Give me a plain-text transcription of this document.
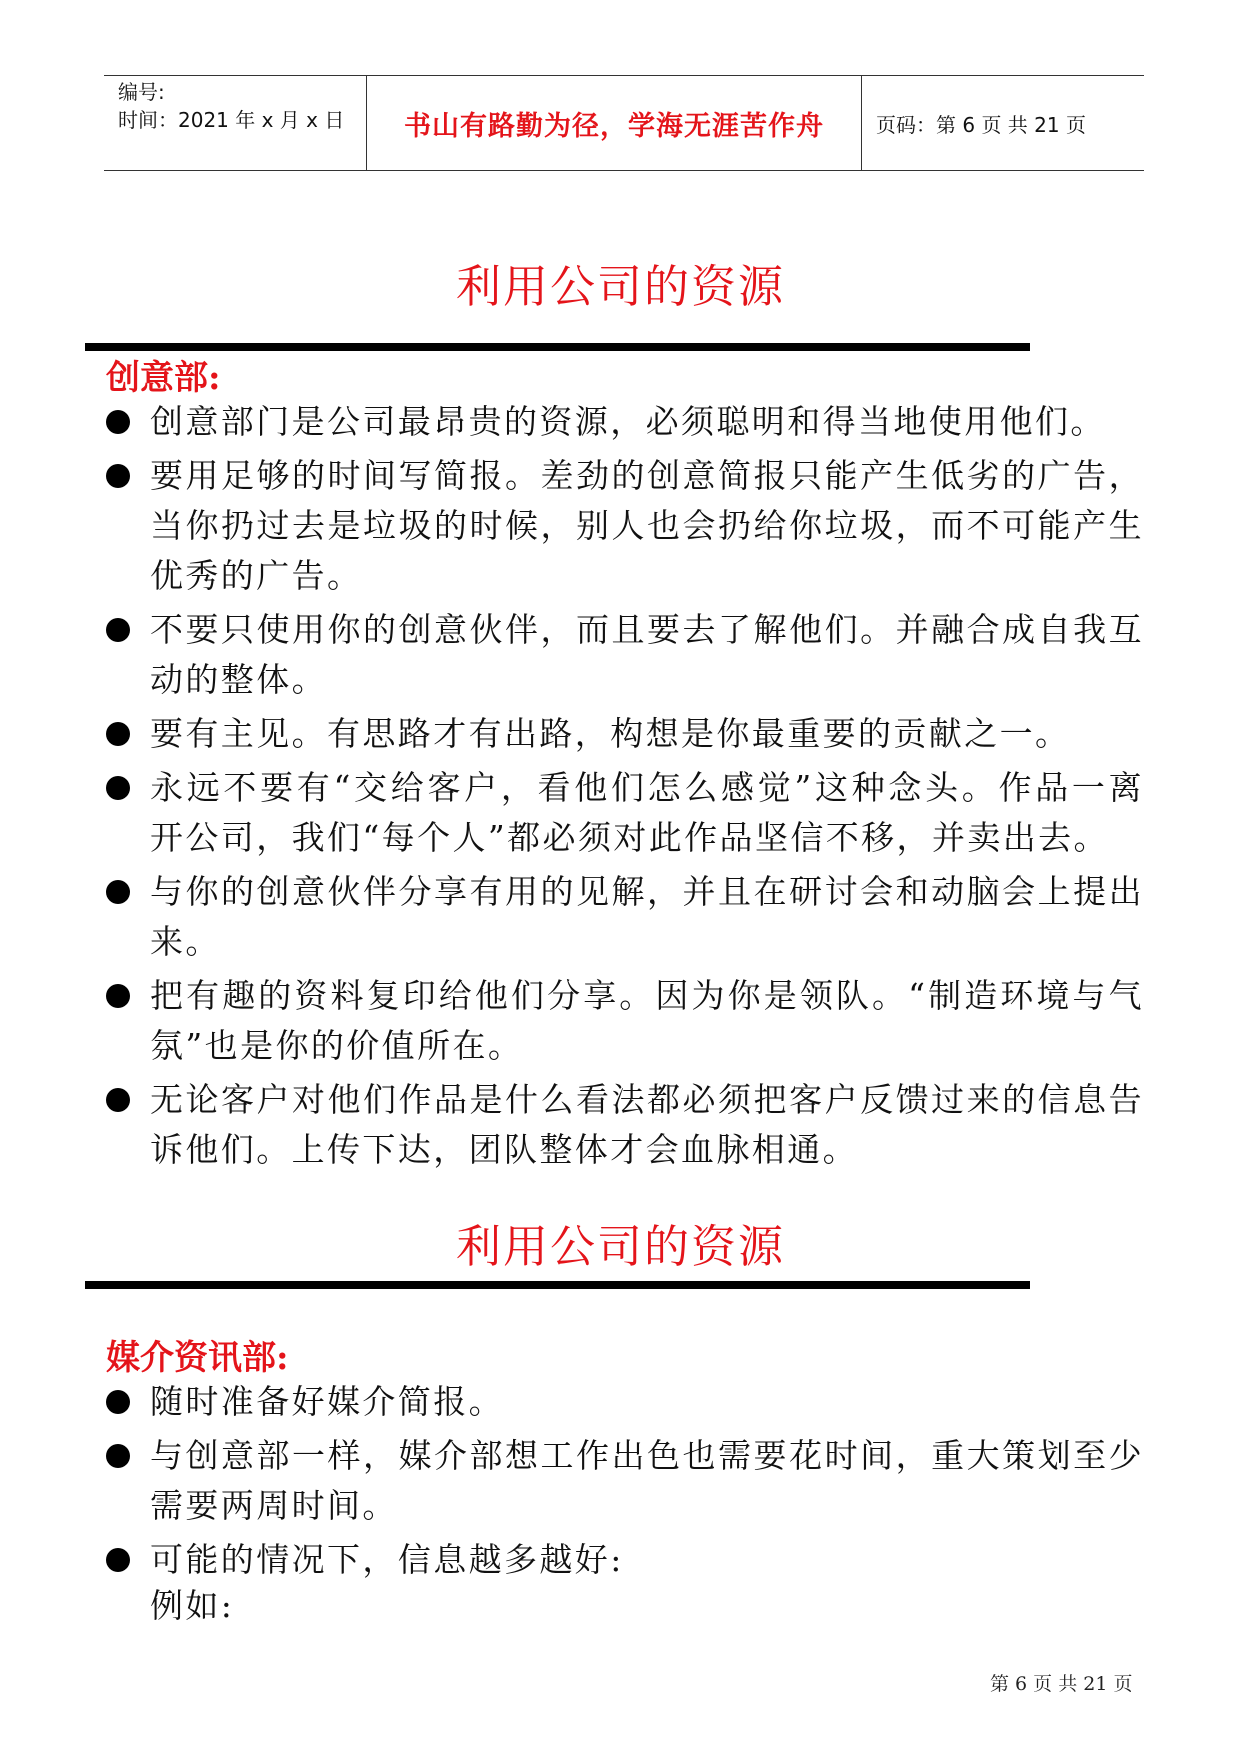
编号:
时间：2021 年 x 月 x 日	书山有路勤为径，学海无涯苦作舟	页码：第 6 页 共 21 页
利用公司的资源
创意部:
创意部门是公司最昂贵的资源，必须聪明和得当地使用他们。
要用足够的时间写简报。差劲的创意简报只能产生低劣的广告，当你扔过去是垃圾的时候，别人也会扔给你垃圾，而不可能产生优秀的广告。
不要只使用你的创意伙伴，而且要去了解他们。并融合成自我互动的整体。
要有主见。有思路才有出路，构想是你最重要的贡献之一。
永远不要有“交给客户，看他们怎么感觉”这种念头。作品一离开公司，我们“每个人”都必须对此作品坚信不移，并卖出去。
与你的创意伙伴分享有用的见解，并且在研讨会和动脑会上提出来。
把有趣的资料复印给他们分享。因为你是领队。“制造环境与气氛”也是你的价值所在。
无论客户对他们作品是什么看法都必须把客户反馈过来的信息告诉他们。上传下达，团队整体才会血脉相通。
利用公司的资源
媒介资讯部:
随时准备好媒介简报。
与创意部一样，媒介部想工作出色也需要花时间，重大策划至少需要两周时间。
可能的情况下，信息越多越好:
例如:
第 6 页 共 21 页
